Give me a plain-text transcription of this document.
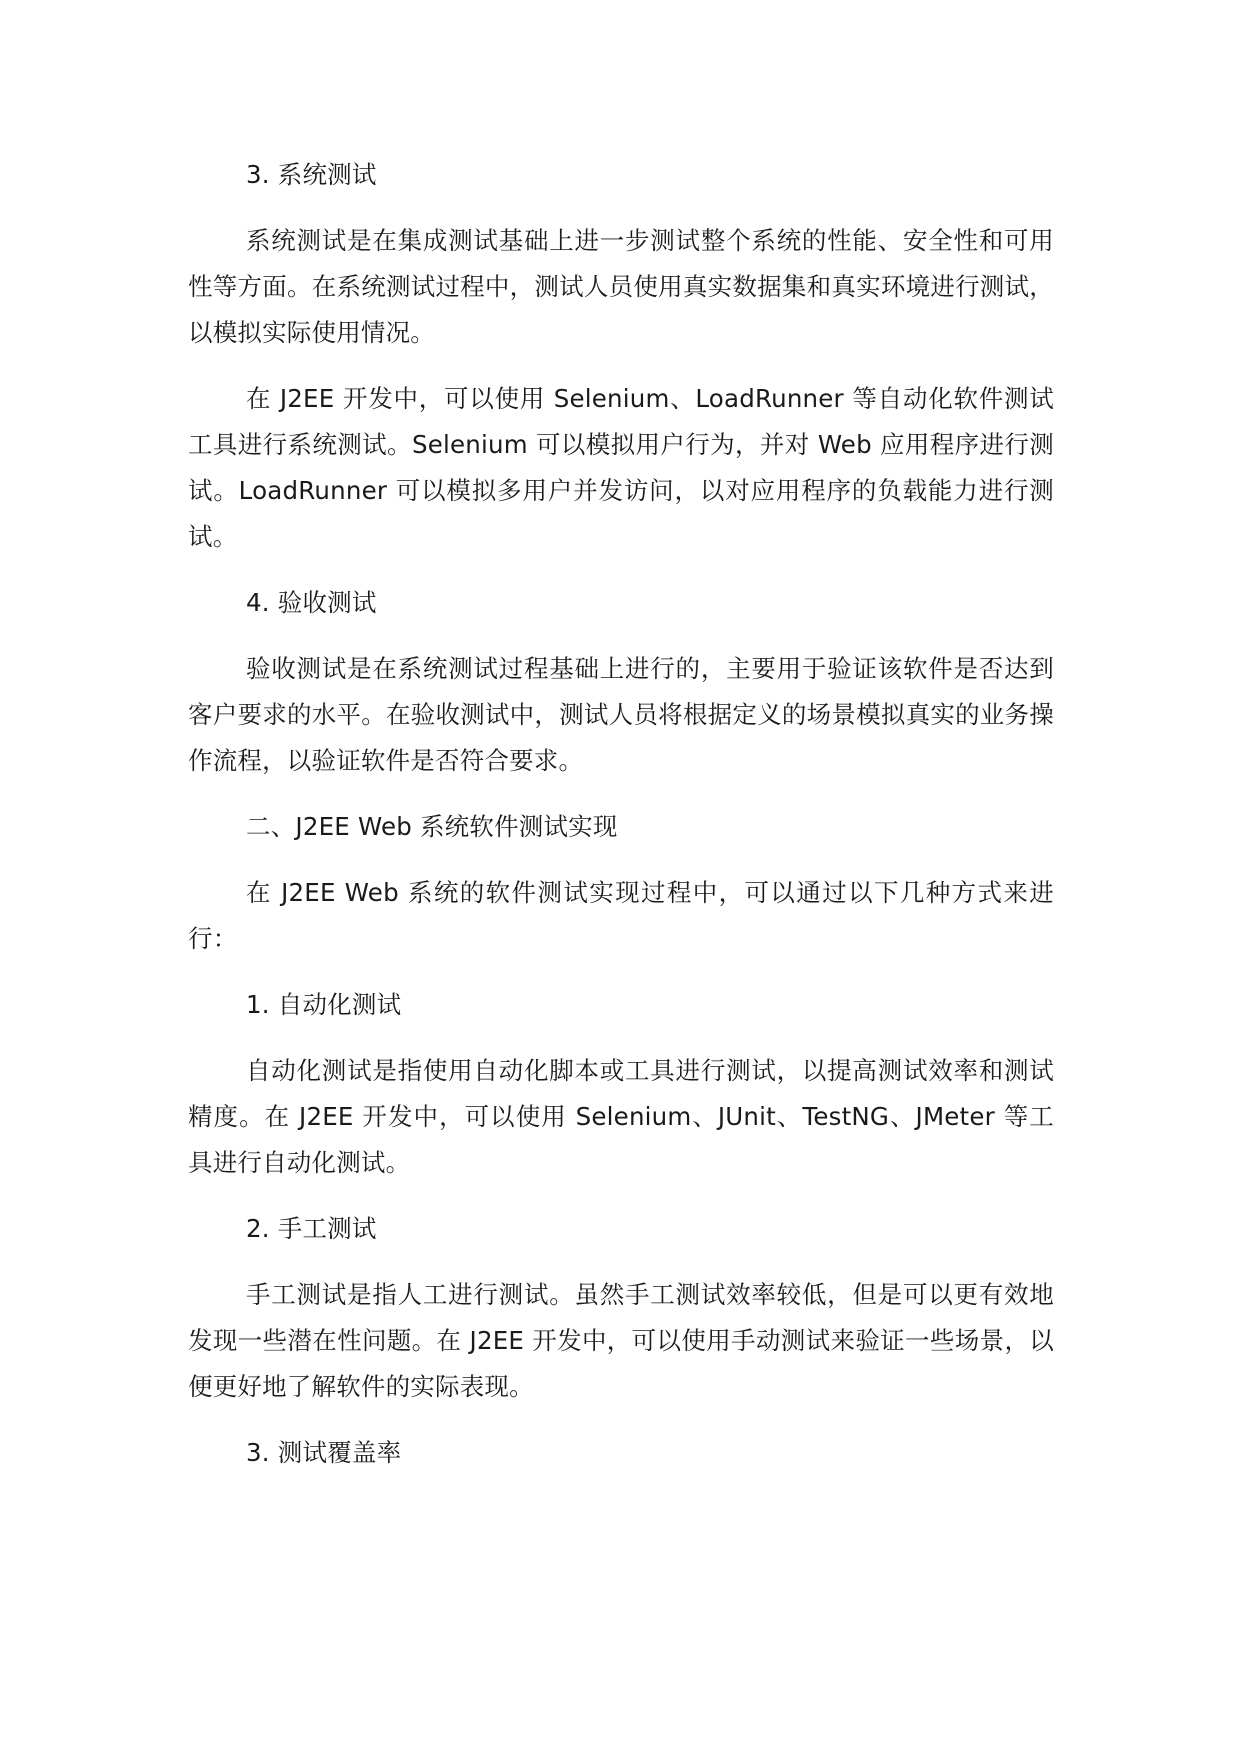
3. 系统测试

系统测试是在集成测试基础上进一步测试整个系统的性能、安全性和可用性等方面。在系统测试过程中，测试人员使用真实数据集和真实环境进行测试，以模拟实际使用情况。

在 J2EE 开发中，可以使用 Selenium、LoadRunner 等自动化软件测试工具进行系统测试。Selenium 可以模拟用户行为，并对 Web 应用程序进行测试。LoadRunner 可以模拟多用户并发访问，以对应用程序的负载能力进行测试。

4. 验收测试

验收测试是在系统测试过程基础上进行的，主要用于验证该软件是否达到客户要求的水平。在验收测试中，测试人员将根据定义的场景模拟真实的业务操作流程，以验证软件是否符合要求。

二、J2EE Web 系统软件测试实现

在 J2EE Web 系统的软件测试实现过程中，可以通过以下几种方式来进行：

1. 自动化测试

自动化测试是指使用自动化脚本或工具进行测试，以提高测试效率和测试精度。在 J2EE 开发中，可以使用 Selenium、JUnit、TestNG、JMeter 等工具进行自动化测试。

2. 手工测试

手工测试是指人工进行测试。虽然手工测试效率较低，但是可以更有效地发现一些潜在性问题。在 J2EE 开发中，可以使用手动测试来验证一些场景，以便更好地了解软件的实际表现。

3. 测试覆盖率
